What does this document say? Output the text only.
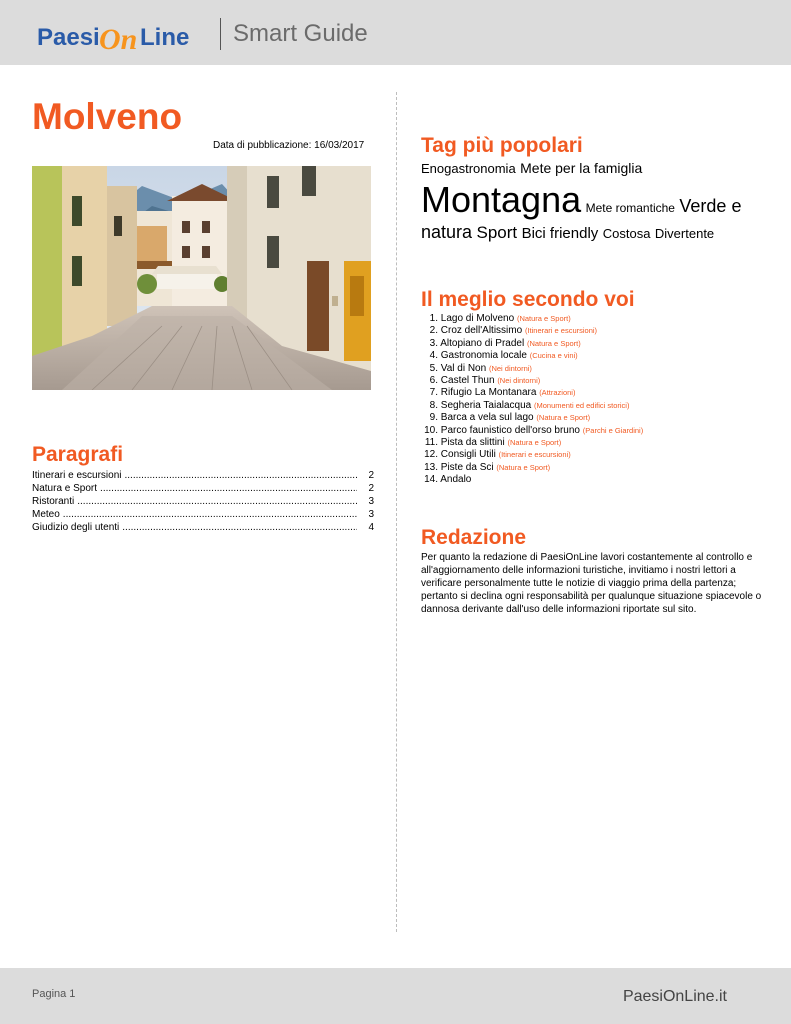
Paesi On Line Smart Guide
Molveno
Data di pubblicazione: 16/03/2017
Paragrafi
Itinerari e escursioni .....	2
Natura e Sport .....	2
Ristoranti .....	3
Meteo .....	3
Giudizio degli utenti .....	4
Tag più popolari
Enogastronomia Mete per la famiglia
Montagna Mete romantiche Verde e natura Sport Bici friendly Costosa Divertente
Il meglio secondo voi
1. Lago di Molveno (Natura e Sport)
2. Croz dell'Altissimo (Itinerari e escursioni)
3. Altopiano di Pradel (Natura e Sport)
4. Gastronomia locale (Cucina e vini)
5. Val di Non (Nei dintorni)
6. Castel Thun (Nei dintorni)
7. Rifugio La Montanara (Attrazioni)
8. Segheria Taialacqua (Monumenti ed edifici storici)
9. Barca a vela sul lago (Natura e Sport)
10. Parco faunistico dell'orso bruno (Parchi e Giardini)
11. Pista da slittini (Natura e Sport)
12. Consigli Utili (Itinerari e escursioni)
13. Piste da Sci (Natura e Sport)
14. Andalo
Redazione
Per quanto la redazione di PaesiOnLine lavori costantemente al controllo e all'aggiornamento delle informazioni turistiche, invitiamo i nostri lettori a verificare personalmente tutte le notizie di viaggio prima della partenza; pertanto si declina ogni responsabilità per qualunque situazione spiacevole o dannosa derivante dall'uso delle informazioni riportate sul sito.
Pagina 1	PaesiOnLine.it
